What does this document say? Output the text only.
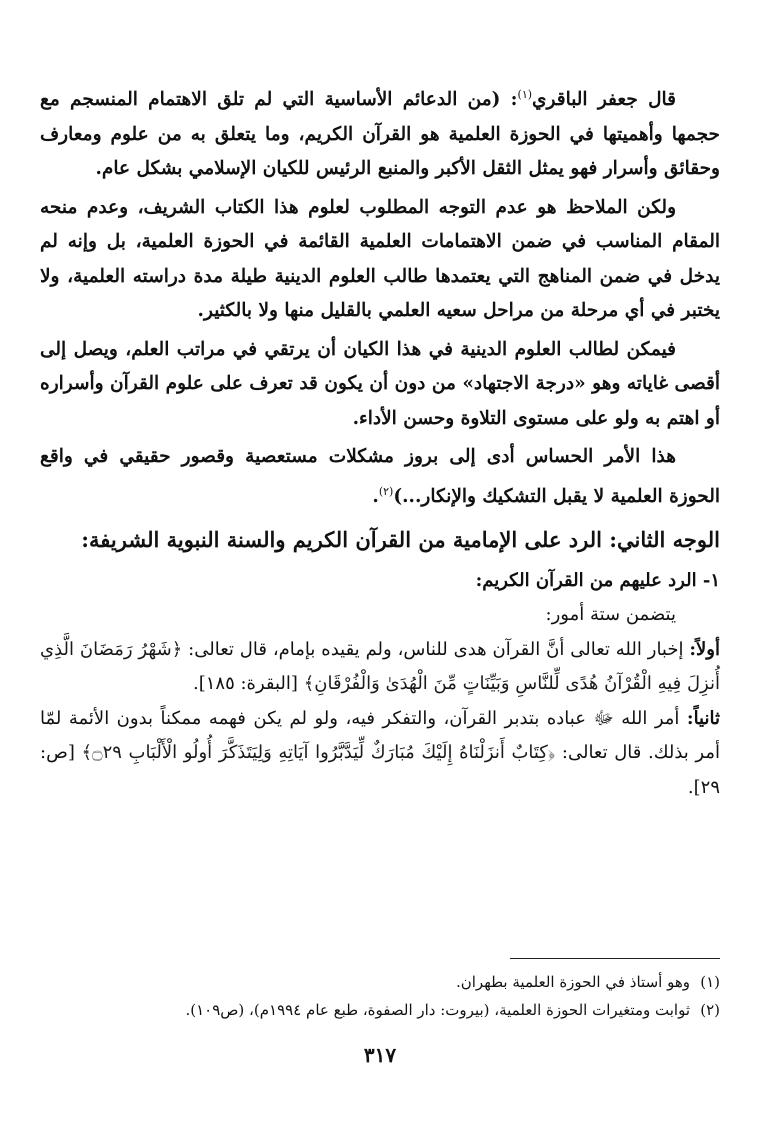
قال جعفر الباقري$^{(١)}$: (من الدعائم الأساسية التي لم تلق الاهتمام المنسجم مع حجمها وأهميتها في الحوزة العلمية هو القرآن الكريم، وما يتعلق به من علوم ومعارف وحقائق وأسرار فهو يمثل الثقل الأكبر والمنبع الرئيس للكيان الإسلامي بشكل عام.

ولكن الملاحظ هو عدم التوجه المطلوب لعلوم هذا الكتاب الشريف، وعدم منحه المقام المناسب في ضمن الاهتمامات العلمية القائمة في الحوزة العلمية، بل وإنه لم يدخل في ضمن المناهج التي يعتمدها طالب العلوم الدينية طيلة مدة دراسته العلمية، ولا يختبر في أي مرحلة من مراحل سعيه العلمي بالقليل منها ولا بالكثير.

فيمكن لطالب العلوم الدينية في هذا الكيان أن يرتقي في مراتب العلم، ويصل إلى أقصى غاياته وهو «درجة الاجتهاد» من دون أن يكون قد تعرف على علوم القرآن وأسراره أو اهتم به ولو على مستوى التلاوة وحسن الأداء.

هذا الأمر الحساس أدى إلى بروز مشكلات مستعصية وقصور حقيقي في واقع الحوزة العلمية لا يقبل التشكيك والإنكار...)$^{(٢)}$.

الوجه الثاني: الرد على الإمامية من القرآن الكريم والسنة النبوية الشريفة:
١- الرد عليهم من القرآن الكريم:

يتضمن ستة أمور:

أولاً: إخبار الله تعالى أنَّ القرآن هدى للناس، ولم يقيده بإمام، قال تعالى: ﴿شَهْرُ رَمَضَانَ الَّذِي أُنزِلَ فِيهِ الْقُرْآنُ هُدًى لِّلنَّاسِ وَبَيِّنَاتٍ مِّنَ الْهُدَىٰ وَالْفُرْقَانِ﴾ [البقرة: ١٨٥].

ثانياً: أمر الله ﷻ عباده بتدبر القرآن، والتفكر فيه، ولو لم يكن فهمه ممكناً بدون الأئمة لمّا أمر بذلك. قال تعالى: ﴿كِتَابٌ أَنزَلْنَاهُ إِلَيْكَ مُبَارَكٌ لِّيَدَّبَّرُوا آيَاتِهِ وَلِيَتَذَكَّرَ أُولُو الْأَلْبَابِ ۝٢٩﴾ [ص: ٢٩].

(١)وهو أستاذ في الحوزة العلمية بطهران.
(٢)ثوابت ومتغيرات الحوزة العلمية، (بيروت: دار الصفوة، طبع عام ١٩٩٤م)، (ص١٠٩).
٣١٧
